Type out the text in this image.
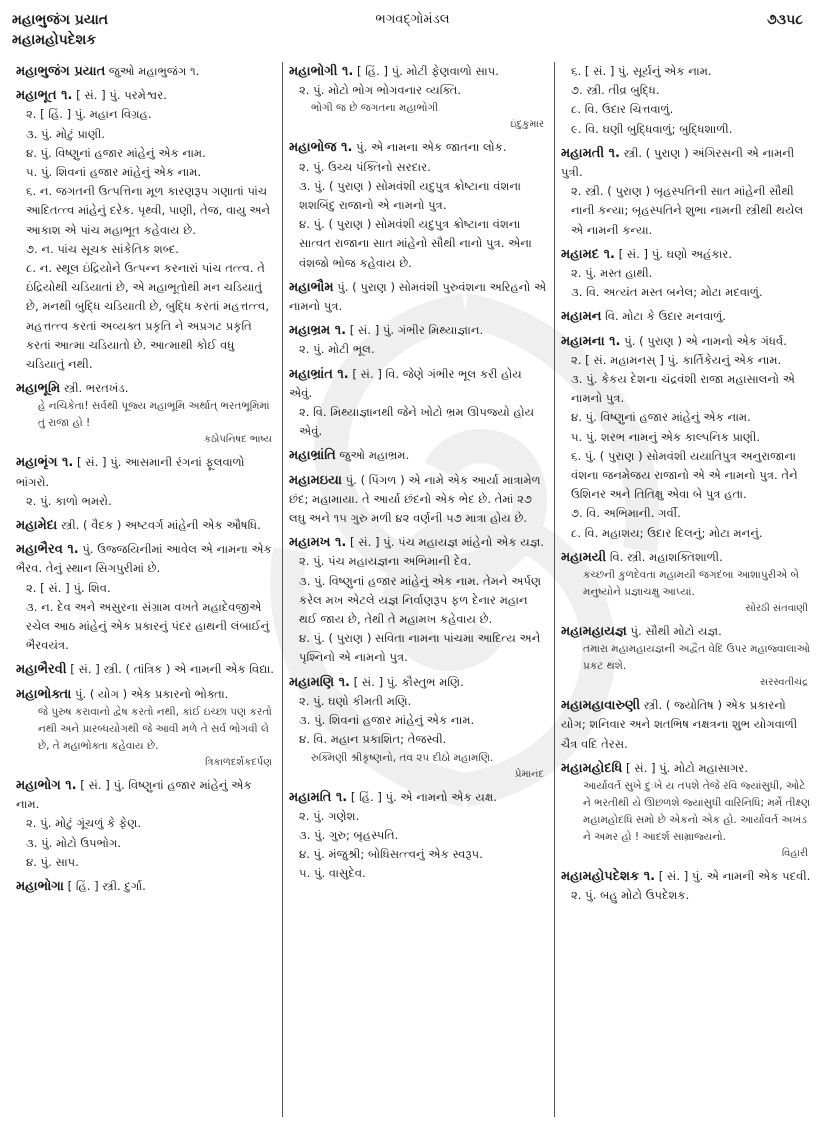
મહાભુજંગ પ્રયાત
મહામહોપદેશક
ભગવદ્ગોમંડલ	૭૩૫૮
મહાભુજંગ પ્રયાત જુઓ મહાભુજંગ ૧.
મહાભૂત ૧. [ સં. ] પું. પરમેશ્વર.
૨. [ હિં. ] પું. મહાન વિગ્રહ.
૩. પું. મોટું પ્રાણી.
૪. પું. વિષ્ણુનાં હજાર માંહેનું એક નામ.
૫. પું. શિવનાં હજાર માંહેનું એક નામ.
૬. ન. જગતની ઉત્પત્તિના મૂળ કારણરૂપ ગણાતાં પાંચ આદિતત્ત્વ માંહેનું દરેક. પૃથ્વી, પાણી, તેજ, વાયુ અને આકાશ એ પાંચ મહાભૂત કહેવાય છે.
૭. ન. પાંચ સૂચક સાંકેતિક શબ્દ.
૮. ન. સ્થૂલ ઇંદ્રિયોને ઉત્પન્ન કરનારાં પાંચ તત્ત્વ. તે ઇંદ્રિયોથી ચડિયાતાં છે, એ મહાભૂતોથી મન ચડિયાતું છે, મનથી બુદ્ધિ ચડિયાતી છે, બુદ્ધિ કરતાં મહત્તત્ત્વ, મહત્તત્ત્વ કરતાં અવ્યક્ત પ્રકૃતિ ને અપ્રગટ પ્રકૃતિ કરતાં આત્મા ચડિયાતો છે. આત્માથી કોઈ વધુ ચડિયાતું નથી.
મહાભૂમિ સ્ત્રી. ભરતખંડ.
હે નચિકેતા! સર્વથી પૂજ્ય મહાભૂમિ અર્થાત્ ભરતભૂમિમાં તું રાજા હો !
કઠોપનિષદ ભાષ્ય
મહાભૃંગ ૧. [ સં. ] પું. આસમાની રંગનાં ફૂલવાળો ભાંગરો.
૨. પું. કાળો ભમરો.
મહામેદા સ્ત્રી. ( વૈદક ) અષ્ટવર્ગ માંહેની એક ઔષધિ.
મહાભૈરવ ૧. પું. ઉજ્જયિનીમાં આવેલ એ નામના એક ભૈરવ. તેનું સ્થાન સિગપુરીમાં છે.
૨. [ સં. ] પું. શિવ.
૩. ન. દેવ અને અસુરના સંગ્રામ વખતે મહાદેવજીએ રચેલ આઠ માંહેનું એક પ્રકારનું પંદર હાથની લંબાઈનું ભૈરવયંત્ર.
મહાભૈરવી [ સં. ] સ્ત્રી. ( તાંત્રિક ) એ નામની એક વિદ્યા.
મહાભોક્તા પું. ( યોગ ) એક પ્રકારનો ભોક્તા.
જે પુરુષ કરાવાનો દ્વેષ કરતો નથી, કાંઈ ઇચ્છા પણ કરતો નથી અને પ્રારબ્ધયોગથી જે આવી મળે તે સર્વ ભોગવી લે છે, તે મહાભોક્તા કહેવાય છે.
ત્રિકાળદર્શકદર્પણ
મહાભોગ ૧. [ સં. ] પું. વિષ્ણુનાં હજાર માંહેનું એક નામ.
૨. પું. મોટું ગૂંચળું કે ફેણ.
૩. પું. મોટો ઉપભોગ.
૪. પું. સાપ.
મહાભોગા [ હિં. ] સ્ત્રી. દુર્ગા.
મહાભોગી ૧. [ હિં. ] પું. મોટી ફેણવાળો સાપ.
૨. પું. મોટો ભોગ ભોગવનાર વ્યક્તિ.
ભોગી જ છે જગતના મહાભોગી
ઇંદુકુમાર
મહાભોજ ૧. પું. એ નામના એક જાતના લોક.
૨. પું. ઉચ્ચ પંક્તિનો સરદાર.
૩. પું. ( પુરાણ ) સોમવંશી યદુપુત્ર ક્રોષ્ટાના વંશના શશબિંદુ રાજાનો એ નામનો પુત્ર.
૪. પું. ( પુરાણ ) સોમવંશી યદુપુત્ર ક્રોષ્ટાના વંશના સાત્વત રાજાના સાત માંહેનો સૌથી નાનો પુત્ર. એના વંશજો ભોજ કહેવાય છે.
મહાભૌમ પું. ( પુરાણ ) સોમવંશી પુરુવંશના અરિહનો એ નામનો પુત્ર.
મહાભ્રમ ૧. [ સં. ] પું. ગંભીર મિથ્યાજ્ઞાન.
૨. પું. મોટી ભૂલ.
મહાભ્રાંત ૧. [ સં. ] વિ. જેણે ગંભીર ભૂલ કરી હોય એવું.
૨. વિ. મિથ્યાજ્ઞાનથી જેને ખોટો ભ્રમ ઊપજ્યો હોય એવું.
મહાભ્રાંતિ જુઓ મહાભ્રમ.
મહામઇયા પું. ( પિંગળ ) એ નામે એક આર્યા માત્રામેળ છંદ; મહામાયા. તે આર્યા છંદનો એક ભેદ છે. તેમાં ૨૭ લઘુ અને ૧૫ ગુરુ મળી ૪૨ વર્ણની ૫૭ માત્રા હોય છે.
મહામખ ૧. [ સં. ] પું. પંચ મહાયજ્ઞ માંહેનો એક યજ્ઞ.
૨. પું. પંચ મહાયજ્ઞના અભિમાની દેવ.
૩. પું. વિષ્ણુનાં હજાર માંહેનું એક નામ. તેમને અર્પણ કરેલ મખ એટલે યજ્ઞ નિર્વાણરૂપ ફળ દેનાર મહાન થઈ જાય છે, તેથી તે મહામખ કહેવાય છે.
૪. પું. ( પુરાણ ) સવિતા નામના પાંચમા આદિત્ય અને પૃશ્નિનો એ નામનો પુત્ર.
મહામણિ ૧. [ સં. ] પું. કૌસ્તુભ મણિ.
૨. પું. ઘણો કીમતી મણિ.
૩. પું. શિવનાં હજાર માંહેનું એક નામ.
૪. વિ. મહાન પ્રકાશિત; તેજસ્વી.
રુક્મિણી શ્રીકૃષ્ણનો, તવ ૨૫ દીઠો મહામણિ.
પ્રેમાનંદ
મહામતિ ૧. [ હિં. ] પું. એ નામનો એક યક્ષ.
૨. પું. ગણેશ.
૩. પું. ગુરુ; બૃહસ્પતિ.
૪. પું. મંજુશ્રી; બોધિસત્ત્વનું એક સ્વરૂપ.
૫. પું. વાસુદેવ.
૬. [ સં. ] પું. સૂર્યનું એક નામ.
૭. સ્ત્રી. તીવ્ર બુદ્ધિ.
૮. વિ. ઉદાર ચિત્તવાળું.
૯. વિ. ઘણી બુદ્ધિવાળું; બુદ્ધિશાળી.
મહામતી ૧. સ્ત્રી. ( પુરાણ ) અંગિરસની એ નામની પુત્રી.
૨. સ્ત્રી. ( પુરાણ ) બૃહસ્પતિની સાત માંહેની સૌથી નાની કન્યા; બૃહસ્પતિને શુભા નામની સ્ત્રીથી થયેલ એ નામની કન્યા.
મહામદ ૧. [ સં. ] પું. ઘણો અહંકાર.
૨. પું. મસ્ત હાથી.
૩. વિ. અત્યંત મસ્ત બનેલ; મોટા મદવાળું.
મહામન વિ. મોટા કે ઉદાર મનવાળું.
મહામના ૧. પું. ( પુરાણ ) એ નામનો એક ગંધર્વ.
૨. [ સં. મહામનસ્ ] પું. કાર્તિકેયનું એક નામ.
૩. પું. કેકય દેશના ચંદ્રવંશી રાજા મહાસાલનો એ નામનો પુત્ર.
૪. પું. વિષ્ણુનાં હજાર માંહેનું એક નામ.
૫. પું. શરભ નામનું એક કાલ્પનિક પ્રાણી.
૬. પું. ( પુરાણ ) સોમવંશી યયાતિપુત્ર અનુરાજાના વંશના જનમેજય રાજાનો એ એ નામનો પુત્ર. તેને ઉશિનર અને તિતિક્ષુ એવા બે પુત્ર હતા.
૭. વિ. અભિમાની. ગર્વી.
૮. વિ. મહાશય; ઉદાર દિલનું; મોટા મનનું.
મહામયી વિ. સ્ત્રી. મહાશક્તિશાળી.
કચ્છની કુળદેવતા મહામયી જગદંબા આશાપુરીએ બે મનુષ્યોને પ્રજ્ઞાચક્ષુ આપ્યાં.
સોરઠી સંતવાણી
મહામહાયજ્ઞ પું. સૌથી મોટો યજ્ઞ.
તમારા મહામહાયજ્ઞની અદ્વૈત વેદિ ઉપર મહાજ્વાલાઓ પ્રકટ થશે.
સરસ્વતીચંદ્ર
મહામહાવારુણી સ્ત્રી. ( જ્યોતિષ ) એક પ્રકારનો યોગ; શનિવાર અને શતભિષ નક્ષત્રના શુભ યોગવાળી ચૈત્ર વદિ તેરસ.
મહામહોદધિ [ સં. ] પું. મોટો મહાસાગર.
આર્યાવર્ત સુખે દુઃખે ય તપશે તેજે રવિ જ્યાંસુધી, ઓટે ને ભરતીથી યે ઊછળશે જ્યાંસુધી વારિનિધિ; મર્મે તીક્ષ્ણ મહામહોદધિ સમો છે એકનો એક હો. આર્યાવર્ત અખંડ ને અમર હો ! આદર્શ સામ્રાજ્યનો.
વિહારી
મહામહોપદેશક ૧. [ સં. ] પું. એ નામની એક પદવી.
૨. પું. બહુ મોટો ઉપદેશક.
